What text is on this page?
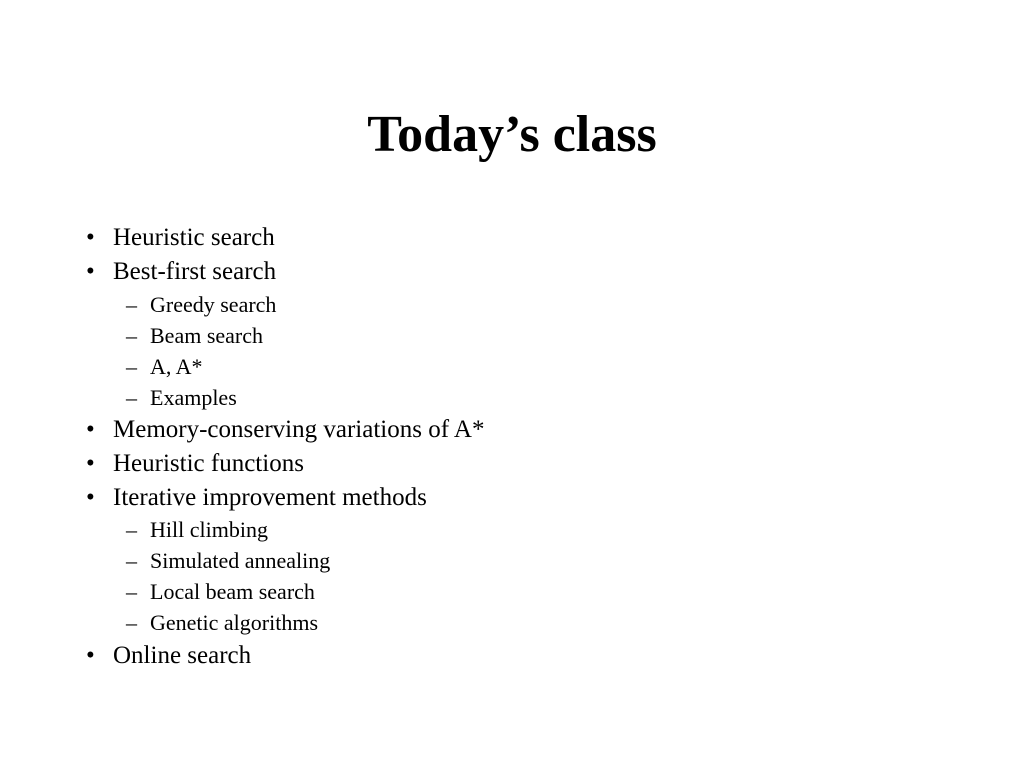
Today’s class
• Heuristic search
• Best-first search
– Greedy search
– Beam search
– A, A*
– Examples
• Memory-conserving variations of A*
• Heuristic functions
• Iterative improvement methods
– Hill climbing
– Simulated annealing
– Local beam search
– Genetic algorithms
• Online search
